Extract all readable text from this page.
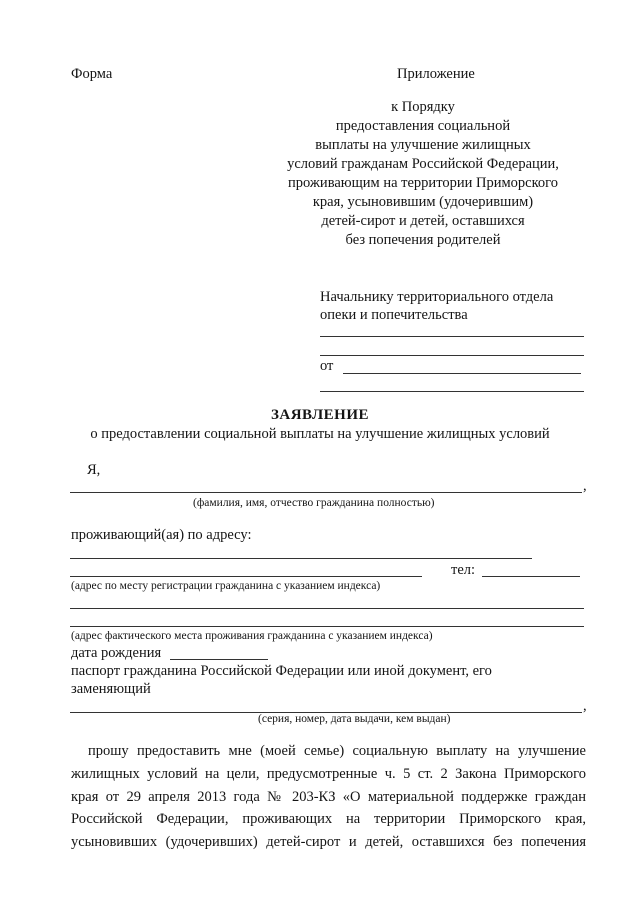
Форма	Приложение
к Порядку
предоставления социальной
выплаты на улучшение жилищных
условий гражданам Российской Федерации,
проживающим на территории Приморского
края, усыновившим (удочерившим)
детей-сирот и детей, оставшихся
без попечения родителей
Начальнику территориального отдела
опеки и попечительства
от
ЗАЯВЛЕНИЕ
о предоставлении социальной выплаты на улучшение жилищных условий
Я,
,
(фамилия, имя, отчество гражданина полностью)
проживающий(ая) по адресу:
тел:
(адрес по месту регистрации гражданина с указанием индекса)
(адрес фактического места проживания гражданина с указанием индекса)
дата рождения
паспорт гражданина Российской Федерации или иной документ, его
заменяющий
,
(серия, номер, дата выдачи, кем выдан)
прошу предоставить мне (моей семье) социальную выплату на улучшение
жилищных условий на цели, предусмотренные ч. 5 ст. 2 Закона Приморского
края от 29 апреля 2013 года № 203-КЗ «О материальной поддержке граждан
Российской Федерации, проживающих на территории Приморского края,
усыновивших (удочеривших) детей-сирот и детей, оставшихся без попечения
